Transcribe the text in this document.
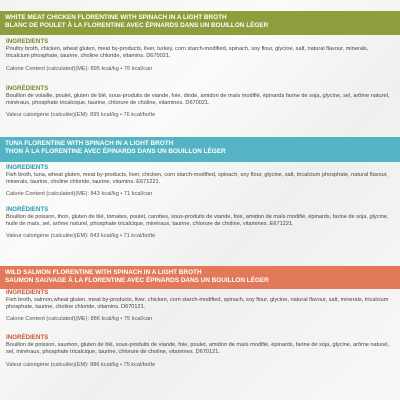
WHITE MEAT CHICKEN FLORENTINE WITH SPINACH IN A LIGHT BROTH
BLANC DE POULET À LA FLORENTINE AVEC ÉPINARDS DANS UN BOUILLON LÉGER
INGREDIENTS
Poultry broth, chicken, wheat gluten, meat by-products, liver, turkey, corn starch-modified, spinach, soy flour, glycine, salt, natural flavour, minerals, tricalcium phosphate, taurine, choline chloride, vitamins. D670021.
Calorie Content (calculated)(ME): 895 kcal/kg • 76 kcal/can
INGRÉDIENTS
Bouillon de volaille, poulet, gluten de blé, sous-produits de viande, foie, dinde, amidon de maïs modifié, épinards farine de soja, glycine, sel, arôme naturel, minéraux, phosphate tricalcique, taurine, chlorure de choline, vitamines. D670021.
Valeur calorigène (calculée)(EM): 895 kcal/kg • 76 kcal/boîte
TUNA FLORENTINE WITH SPINACH IN A LIGHT BROTH
THON À LA FLORENTINE AVEC ÉPINARDS DANS UN BOUILLON LÉGER
INGREDIENTS
Fish broth, tuna, wheat gluten, meat by-products, liver, chicken, corn starch-modified, spinach, soy flour, glycine, salt, tricalcium phosphate, natural flavour, minerals, taurine, choline chloride, taurine, vitamins. E671221.
Calorie Content (calculated)(ME): 843 kcal/kg • 71 kcal/can
INGRÉDIENTS
Bouillon de poisson, thon, gluten de blé, tomates, poulet, carottes, sous-produits de viande, foie, amidon de maïs modifié, épinards, farine de soja, glycine, huile de maïs, sel, arôme naturel, phosphate tricalcique, minéraux, taurine, chlorure de choline, vitamines. E671221.
Valeur calorigène (calculée)(EM): 843 kcal/kg • 71 kcal/boîte
WILD SALMON FLORENTINE WITH SPINACH IN A LIGHT BROTH
SAUMON SAUVAGE À LA FLORENTINE AVEC ÉPINARDS DANS UN BOUILLON LÉGER
INGREDIENTS
Fish broth, salmon,wheat gluten, meat by-products, liver, chicken, corn starch-modified, spinach, soy flour, glycine, natural flavour, salt, minerals, tricalcium phosphate, taurine, choline chloride, vitamins. D670121.
Calorie Content (calculated)(ME): 886 kcal/kg • 75 kcal/can
INGRÉDIENTS
Bouillon de poisson, saumon, gluten de blé, sous-produits de viande, foie, poulet, amidon de maïs modifié, épinards, farine de soja, glycine, arôme naturel, sel, minéraux, phosphate tricalcique, taurine, chlorure de choline, vitamines. D670121.
Valeur calorigène (calculée)(EM): 886 kcal/kg • 75 kcal/boîte
